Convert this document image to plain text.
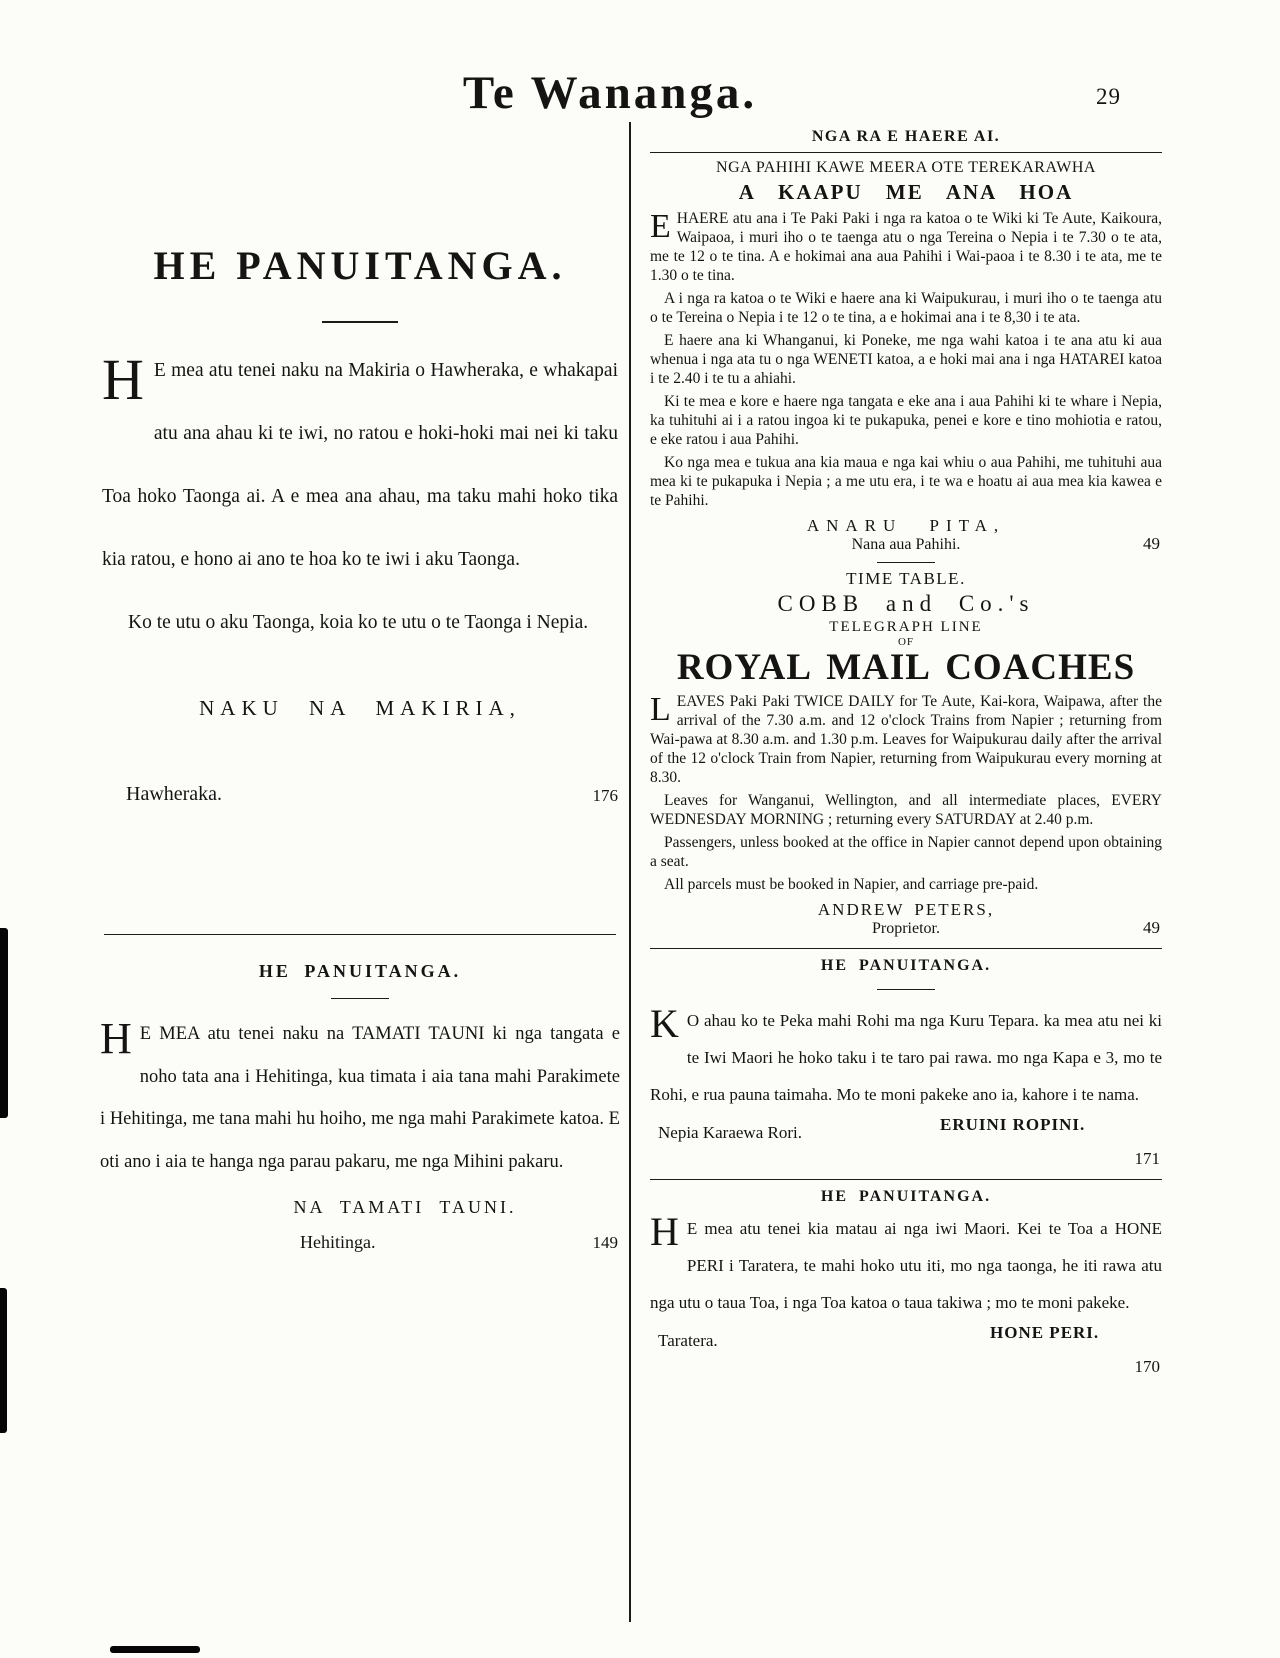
Te Wananga.	29
HE PANUITANGA.

H E mea atu tenei naku na Makiria o Hawheraka, e whakapai atu ana ahau ki te iwi, no ratou e hoki-hoki mai nei ki taku Toa hoko Taonga ai. A e mea ana ahau, ma taku mahi hoko tika kia ratou, e hono ai ano te hoa ko te iwi i aku Taonga.

Ko te utu o aku Taonga, koia ko te utu o te Taonga i Nepia.

NAKU NA MAKIRIA,
Hawheraka.	176
HE PANUITANGA.

H E MEA atu tenei naku na TAMATI TAUNI ki nga tangata e noho tata ana i Hehitinga, kua timata i aia tana mahi Parakimete i Hehitinga, me tana mahi hu hoiho, me nga mahi Parakimete katoa. E oti ano i aia te hanga nga parau pakaru, me nga Mihini pakaru.

NA TAMATI TAUNI.
Hehitinga.	149
NGA RA E HAERE AI.
NGA PAHIHI KAWE MEERA OTE TEREKARAWHA
A KAAPU ME ANA HOA

EHAERE atu ana i Te Paki Paki i nga ra katoa o te Wiki ki Te Aute, Kaikoura, Waipaoa, i muri iho o te taenga atu o nga Tereina o Nepia i te 7.30 o te ata, me te 12 o te tina. A e hokimai ana aua Pahihi i Wai-paoa i te 8.30 i te ata, me te 1.30 o te tina.

A i nga ra katoa o te Wiki e haere ana ki Waipukurau, i muri iho o te taenga atu o te Tereina o Nepia i te 12 o te tina, a e hokimai ana i te 8,30 i te ata.

E haere ana ki Whanganui, ki Poneke, me nga wahi katoa i te ana atu ki aua whenua i nga ata tu o nga WENETI katoa, a e hoki mai ana i nga HATAREI katoa i te 2.40 i te tu a ahiahi.

Ki te mea e kore e haere nga tangata e eke ana i aua Pahihi ki te whare i Nepia, ka tuhituhi ai i a ratou ingoa ki te pukapuka, penei e kore e tino mohiotia e ratou, e eke ratou i aua Pahihi.

Ko nga mea e tukua ana kia maua e nga kai whiu o aua Pahihi, me tuhituhi aua mea ki te pukapuka i Nepia ; a me utu era, i te wa e hoatu ai aua mea kia kawea e te Pahihi.

ANARU PITA,
Nana aua Pahihi.	49
TIME TABLE.
COBB and Co.'s
TELEGRAPH LINE
OF
ROYAL MAIL COACHES

LEAVES Paki Paki TWICE DAILY for Te Aute, Kai-kora, Waipawa, after the arrival of the 7.30 a.m. and 12 o'clock Trains from Napier ; returning from Wai-pawa at 8.30 a.m. and 1.30 p.m. Leaves for Waipukurau daily after the arrival of the 12 o'clock Train from Napier, returning from Waipukurau every morning at 8.30.

Leaves for Wanganui, Wellington, and all intermediate places, EVERY WEDNESDAY MORNING ; returning every SATURDAY at 2.40 p.m.

Passengers, unless booked at the office in Napier cannot depend upon obtaining a seat.

All parcels must be booked in Napier, and carriage pre-paid.

ANDREW PETERS,
Proprietor.	49
HE PANUITANGA.

K O ahau ko te Peka mahi Rohi ma nga Kuru Tepara. ka mea atu nei ki te Iwi Maori he hoko taku i te taro pai rawa. mo nga Kapa e 3, mo te Rohi, e rua pauna taimaha. Mo te moni pakeke ano ia, kahore i te nama.

ERUINI ROPINI.
Nepia Karaewa Rori.
171
HE PANUITANGA.

H E mea atu tenei kia matau ai nga iwi Maori. Kei te Toa a HONE PERI i Taratera, te mahi hoko utu iti, mo nga taonga, he iti rawa atu nga utu o taua Toa, i nga Toa katoa o taua takiwa ; mo te moni pakeke.

HONE PERI.
Taratera.
170
